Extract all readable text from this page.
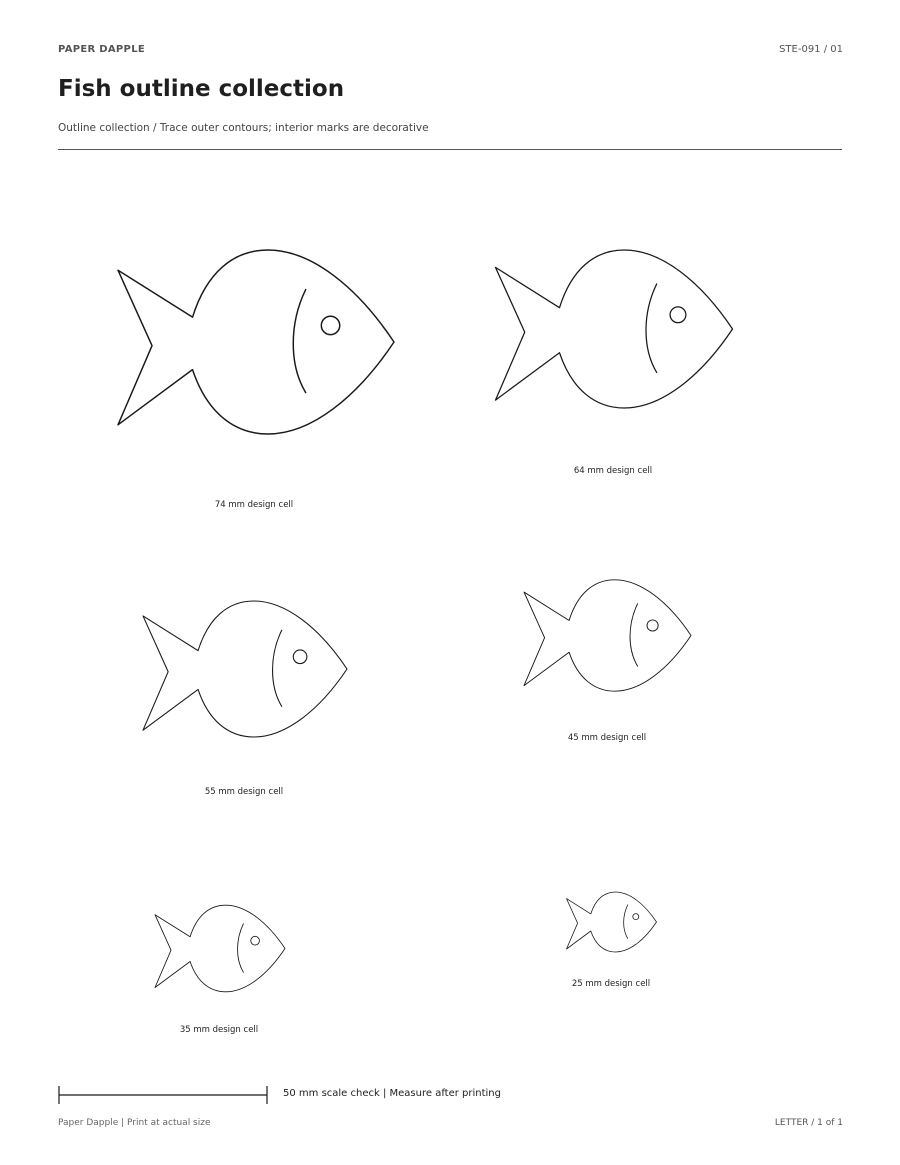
PAPER DAPPLE	STE-091 / 01
Fish outline collection
Outline collection / Trace outer contours; interior marks are decorative
74 mm design cell
64 mm design cell
55 mm design cell
45 mm design cell
35 mm design cell
25 mm design cell
50 mm scale check | Measure after printing
Paper Dapple | Print at actual size	LETTER / 1 of 1
